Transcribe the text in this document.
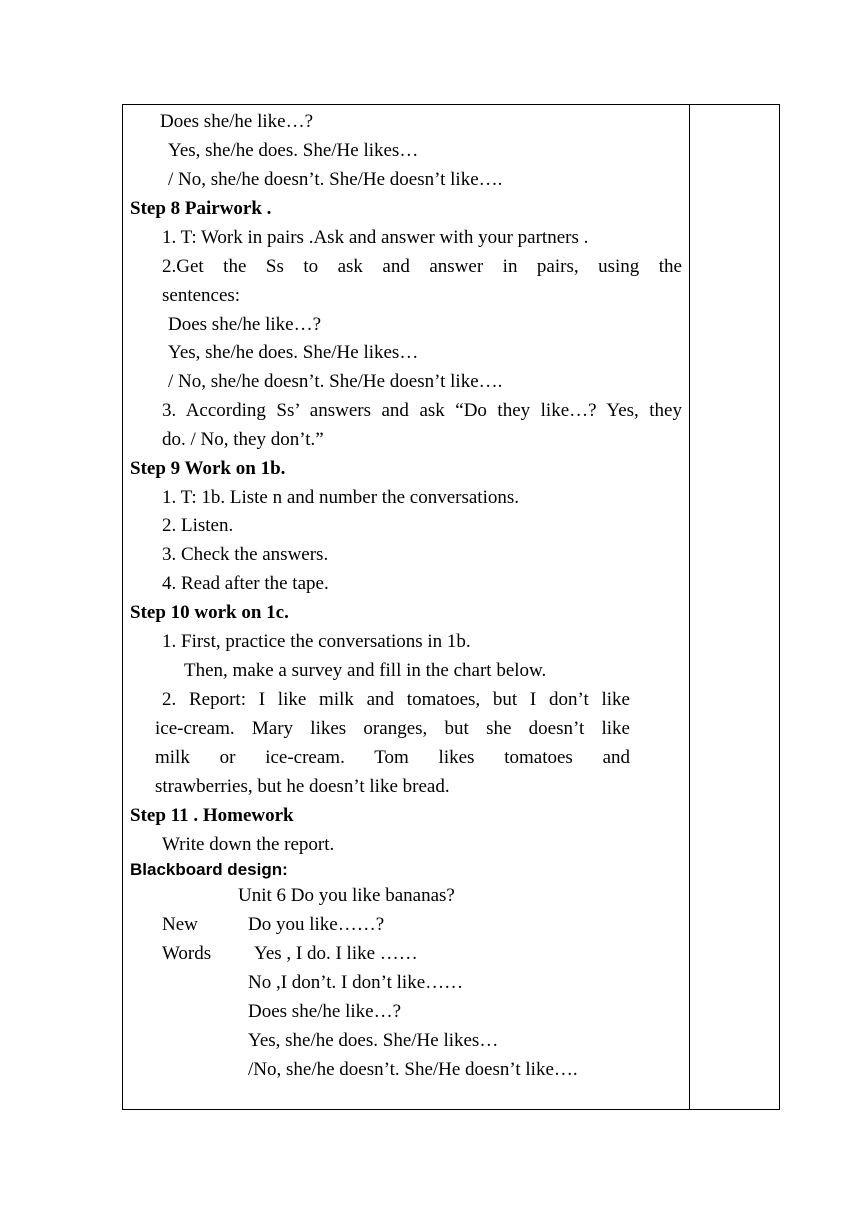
Does she/he like…?
Yes, she/he does. She/He likes…
/ No, she/he doesn’t. She/He doesn’t like….
Step 8 Pairwork .
1. T: Work in pairs .Ask and answer with your partners .
2.Get the Ss to ask and answer in pairs, using the
sentences:
Does she/he like…?
Yes, she/he does. She/He likes…
/ No, she/he doesn’t. She/He doesn’t like….
3. According Ss’ answers and ask “Do they like…? Yes, they
do. / No, they don’t.”
Step 9 Work on 1b.
1. T: 1b. Liste n and number the conversations.
2. Listen.
3. Check the answers.
4. Read after the tape.
Step 10 work on 1c.
1. First, practice the conversations in 1b.
Then, make a survey and fill in the chart below.
2. Report: I like milk and tomatoes, but I don’t like
ice-cream. Mary likes oranges, but she doesn’t like
milk or ice-cream. Tom likes tomatoes and
strawberries, but he doesn’t like bread.
Step 11 . Homework
Write down the report.
Blackboard design:
Unit 6 Do you like bananas?
New
Words
Do you like……?
Yes , I do. I like ……
No ,I don’t. I don’t like……
Does she/he like…?
Yes, she/he does. She/He likes…
/No, she/he doesn’t. She/He doesn’t like….
